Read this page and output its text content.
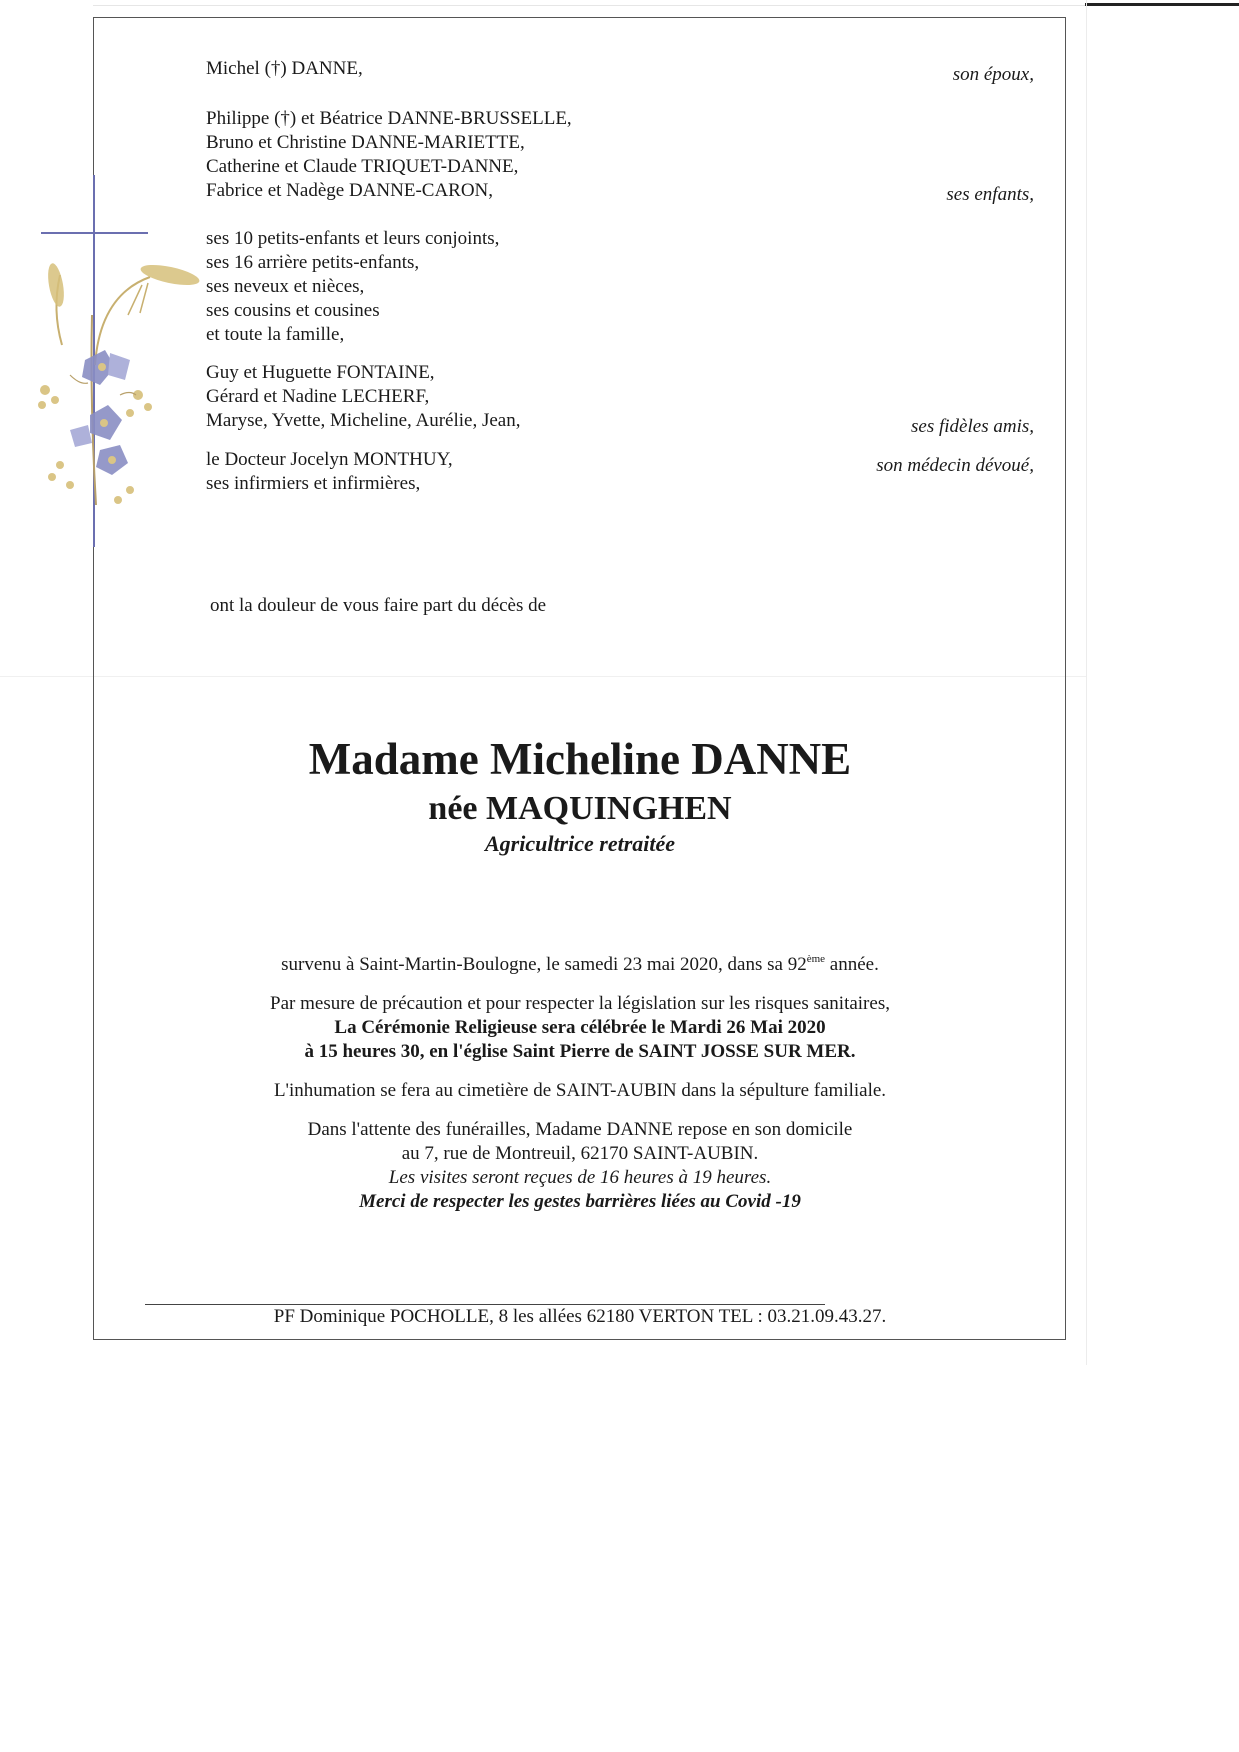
Michel (†) DANNE,	son époux,
Philippe (†) et Béatrice DANNE-BRUSSELLE,
Bruno et Christine DANNE-MARIETTE,
Catherine et Claude TRIQUET-DANNE,
Fabrice et Nadège DANNE-CARON,	ses enfants,
ses 10 petits-enfants et leurs conjoints,
ses 16 arrière petits-enfants,
ses neveux et nièces,
ses cousins et cousines
et toute la famille,
Guy et Huguette FONTAINE,
Gérard et Nadine LECHERF,
Maryse, Yvette, Micheline, Aurélie, Jean,	ses fidèles amis,
le Docteur Jocelyn MONTHUY,
ses infirmiers et infirmières,
son médecin dévoué,
ont la douleur de vous faire part du décès de
Madame Micheline DANNE
née MAQUINGHEN
Agricultrice retraitée
survenu à Saint-Martin-Boulogne, le samedi 23 mai 2020, dans sa 92ème année.
Par mesure de précaution et pour respecter la législation sur les risques sanitaires,
La Cérémonie Religieuse sera célébrée le Mardi 26 Mai 2020
à 15 heures 30, en l'église Saint Pierre de SAINT JOSSE SUR MER.
L'inhumation se fera au cimetière de SAINT-AUBIN dans la sépulture familiale.
Dans l'attente des funérailles, Madame DANNE repose en son domicile
au 7, rue de Montreuil, 62170 SAINT-AUBIN.
Les visites seront reçues de 16 heures à 19 heures.
Merci de respecter les gestes barrières liées au Covid -19
PF Dominique POCHOLLE, 8 les allées 62180 VERTON TEL : 03.21.09.43.27.
